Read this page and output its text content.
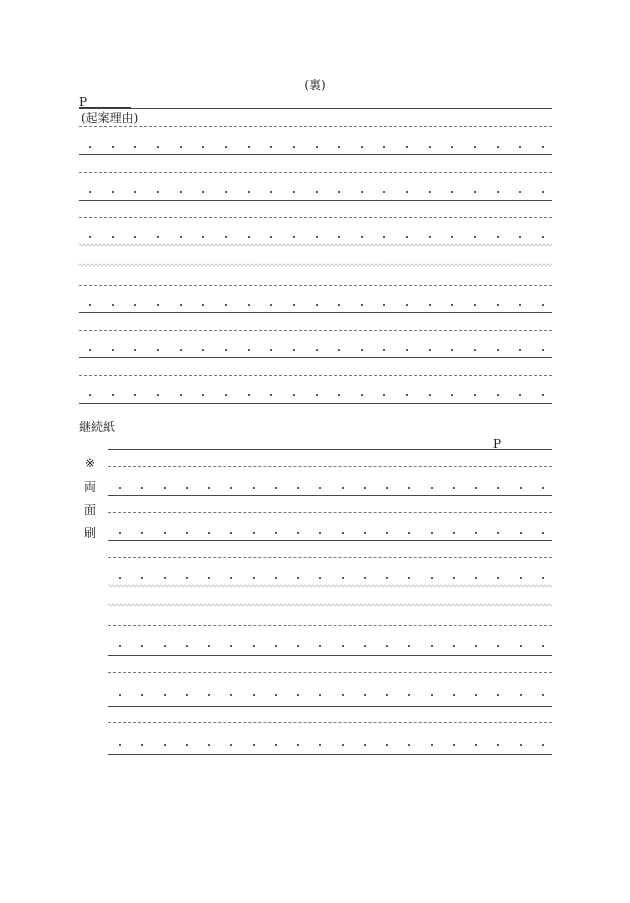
(裏)
P
(起案理由)
継続紙
P
※
両
面
刷
